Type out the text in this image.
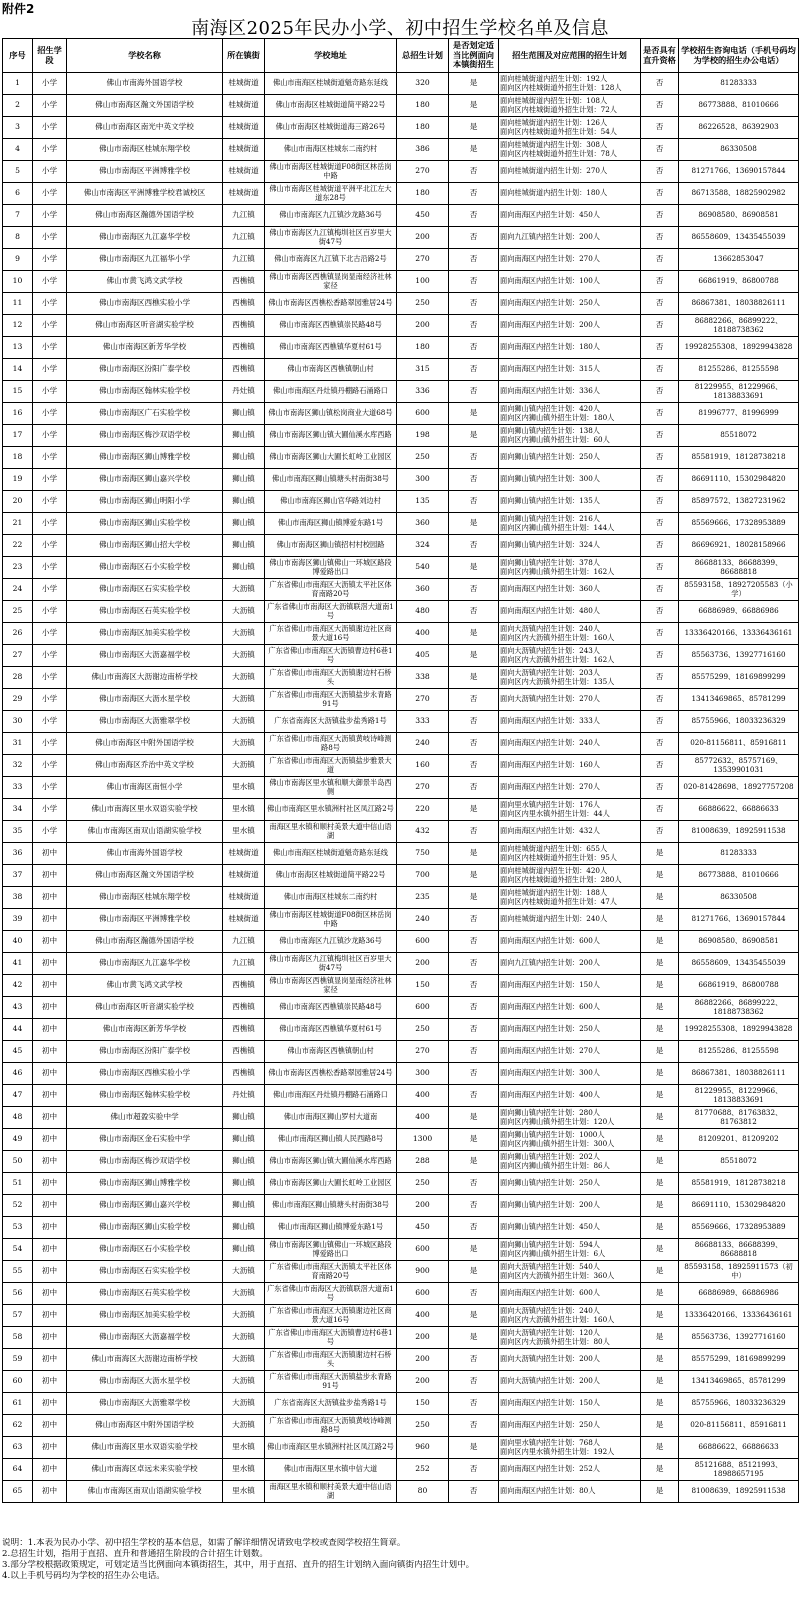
附件2
南海区2025年民办小学、初中招生学校名单及信息
序号	招生学段	学校名称	所在镇街	学校地址	总招生计划	是否划定适当比例面向本镇街招生	招生范围及对应范围的招生计划	是否具有直升资格	学校招生咨询电话（手机号码均为学校的招生办公电话）
1	小学	佛山市南海外国语学校	桂城街道	佛山市南海区桂城街道魁奇路东延线	320	是	面向桂城街道内招生计划：192人
面向区内桂城街道外招生计划：128人	否	81283333
2	小学	佛山市南海区瀚文外国语学校	桂城街道	佛山市南海区桂城街道简平路22号	180	是	面向桂城街道内招生计划：108人
面向区内桂城街道外招生计划：72人	否	86773888、81010666
3	小学	佛山市南海区南光中英文学校	桂城街道	佛山市南海区桂城街道海三路26号	180	是	面向桂城街道内招生计划：126人
面向区内桂城街道外招生计划：54人	否	86226528、86392903
4	小学	佛山市南海区桂城东翔学校	桂城街道	佛山市南海区桂城东二南约村	386	是	面向桂城街道内招生计划：308人
面向区内桂城街道外招生计划：78人	否	86330508
5	小学	佛山市南海区平洲博雅学校	桂城街道	佛山市南海区桂城街道F08街区林岳岗中路	270	否	面向桂城街道内招生计划：270人	否	81271766、13690157844
6	小学	佛山市南海区平洲博雅学校君诚校区	桂城街道	佛山市南海区桂城街道平洲平北江左大道东28号	180	否	面向桂城街道内招生计划：180人	否	86713588、18825902982
7	小学	佛山市南海区瀚德外国语学校	九江镇	佛山市南海区九江镇沙龙路36号	450	否	面向南海区内招生计划：450人	否	86908580、86908581
8	小学	佛山市南海区九江嘉华学校	九江镇	佛山市南海区九江镇梅圳社区百岁里大街47号	200	否	面向九江镇内招生计划：200人	否	86558609、13435455039
9	小学	佛山市南海区九江福华小学	九江镇	佛山市南海区九江镇下北古沿路2号	270	否	面向南海区内招生计划：270人	否	13662853047
10	小学	佛山市黄飞鸿文武学校	西樵镇	佛山市南海区西樵镇显岗显南经济社林家径	100	否	面向南海区内招生计划：100人	否	66861919、86800788
11	小学	佛山市南海区西樵实验小学	西樵镇	佛山市南海区西樵松香路翠园雅居24号	250	否	面向南海区内招生计划：250人	否	86867381、18038826111
12	小学	佛山市南海区听音湖实验学校	西樵镇	佛山市南海区西樵镇崇民路48号	200	否	面向南海区内招生计划：200人	否	86882266、86899222、18188738362
13	小学	佛山市南海区新芳华学校	西樵镇	佛山市南海区西樵镇华夏村61号	180	否	面向南海区内招生计划：180人	否	19928255308、18929943828
14	小学	佛山市南海区汾阳广泰学校	西樵镇	佛山市南海区西樵镇朝山村	315	否	面向南海区内招生计划：315人	否	81255286、81255598
15	小学	佛山市南海区翰林实验学校	丹灶镇	佛山市南海区丹灶镇丹棚路石涌路口	336	否	面向南海区内招生计划：336人	否	81229955、81229966、18138833691
16	小学	佛山市南海区广石实验学校	狮山镇	佛山市南海区狮山镇松岗商业大道68号	600	是	面向狮山镇内招生计划：420人
面向区内狮山镇外招生计划：180人	否	81996777、81996999
17	小学	佛山市南海区梅沙双语学校	狮山镇	佛山市南海区狮山镇大圃仙溪水库西路	198	是	面向狮山镇内招生计划：138人
面向区内狮山镇外招生计划：60人	否	85518072
18	小学	佛山市南海区狮山博雅学校	狮山镇	佛山市南海区狮山大圃长虹岭工业园区	250	否	面向狮山镇内招生计划：250人	否	85581919、18128738218
19	小学	佛山市南海区狮山嘉兴学校	狮山镇	佛山市南海区狮山镇塘头村南街38号	300	否	面向狮山镇内招生计划：300人	否	86691110、15302984820
20	小学	佛山市南海区狮山明阳小学	狮山镇	佛山市南海区狮山官华路刘边村	135	否	面向狮山镇内招生计划：135人	否	85897572、13827231962
21	小学	佛山市南海区狮山实验学校	狮山镇	佛山市南海区狮山镇博爱东路1号	360	是	面向狮山镇内招生计划：216人
面向区内狮山镇外招生计划：144人	否	85569666、17328953889
22	小学	佛山市南海区狮山招大学校	狮山镇	佛山市南海区狮山镇招村村校园路	324	否	面向狮山镇内招生计划：324人	否	86696921、18028158966
23	小学	佛山市南海区石小实验学校	狮山镇	佛山市南海区狮山镇佛山一环城区路段博爱路出口	540	是	面向狮山镇内招生计划：378人
面向区内狮山镇外招生计划：162人	否	86688133、86688399、86688818
24	小学	佛山市南海区石实实验学校	大沥镇	广东省佛山市南海区大沥镇太平社区体育南路20号	360	否	面向南海区内招生计划：360人	否	85593158、18927205583（小学）
25	小学	佛山市南海区石英实验学校	大沥镇	广东省佛山市南海区大沥镇联滘大道南1号	480	否	面向南海区内招生计划：480人	否	66886989、66886986
26	小学	佛山市南海区加美实验学校	大沥镇	广东省佛山市南海区大沥镇谢边社区商景大道16号	400	是	面向大沥镇内招生计划：240人
面向区内大沥镇外招生计划：160人	否	13336420166、13336436161
27	小学	佛山市南海区大沥嘉福学校	大沥镇	广东省佛山市南海区大沥镇曹边村6巷1号	405	是	面向大沥镇内招生计划：243人
面向区内大沥镇外招生计划：162人	否	85563736、13927716160
28	小学	佛山市南海区大沥谢边南桥学校	大沥镇	广东省佛山市南海区大沥镇谢边村石桥头	338	是	面向大沥镇内招生计划：203人
面向区内大沥镇外招生计划：135人	否	85575299、18169899299
29	小学	佛山市南海区大沥水星学校	大沥镇	广东省佛山市南海区大沥镇盐步永青路91号	270	否	面向大沥镇内招生计划：270人	否	13413469865、85781299
30	小学	佛山市南海区大沥雅翠学校	大沥镇	广东省南海区大沥镇盐步盐秀路1号	333	否	面向南海区内招生计划：333人	否	85755966、18033236329
31	小学	佛山市南海区中附外国语学校	大沥镇	广东省佛山市南海区大沥镇黄岐诗峰测路8号	240	否	面向南海区内招生计划：240人	否	020-81156811、85916811
32	小学	佛山市南海区乔治中英文学校	大沥镇	广东省佛山市南海区大沥镇盐步雅景大道	160	否	面向南海区内招生计划：160人	否	85772632、85757169、13539901031
33	小学	佛山市南海区南恒小学	里水镇	佛山市南海区里水镇和顺大御景半岛西侧	270	否	面向南海区内招生计划：270人	否	020-81428698、18927757208
34	小学	佛山市南海区里水双语实验学校	里水镇	佛山市南海区里水镇洲村社区凤江路2号	220	是	面向里水镇内招生计划：176人
面向区内里水镇外招生计划：44人	否	66886622、66886633
35	小学	佛山市南海区南双山语湖实验学校	里水镇	南海区里水镇和顺村美景大道中信山语湖	432	否	面向南海区内招生计划：432人	否	81008639、18925911538
36	初中	佛山市南海外国语学校	桂城街道	佛山市南海区桂城街道魁奇路东延线	750	是	面向桂城街道内招生计划：655人
面向区内桂城街道外招生计划：95人	是	81283333
37	初中	佛山市南海区瀚文外国语学校	桂城街道	佛山市南海区桂城街道简平路22号	700	是	面向桂城街道内招生计划：420人
面向区内桂城街道外招生计划：280人	是	86773888、81010666
38	初中	佛山市南海区桂城东翔学校	桂城街道	佛山市南海区桂城东二南约村	235	是	面向桂城街道内招生计划：188人
面向区内桂城街道外招生计划：47人	是	86330508
39	初中	佛山市南海区平洲博雅学校	桂城街道	佛山市南海区桂城街道F08街区林岳岗中路	240	否	面向桂城街道内招生计划：240人	是	81271766、13690157844
40	初中	佛山市南海区瀚德外国语学校	九江镇	佛山市南海区九江镇沙龙路36号	600	否	面向南海区内招生计划：600人	是	86908580、86908581
41	初中	佛山市南海区九江嘉华学校	九江镇	佛山市南海区九江镇梅圳社区百岁里大街47号	200	否	面向九江镇内招生计划：200人	是	86558609、13435455039
42	初中	佛山市黄飞鸿文武学校	西樵镇	佛山市南海区西樵镇显岗显南经济社林家径	150	否	面向南海区内招生计划：150人	是	66861919、86800788
43	初中	佛山市南海区听音湖实验学校	西樵镇	佛山市南海区西樵镇崇民路48号	600	否	面向南海区内招生计划：600人	是	86882266、86899222、18188738362
44	初中	佛山市南海区新芳华学校	西樵镇	佛山市南海区西樵镇华夏村61号	250	否	面向南海区内招生计划：250人	是	19928255308、18929943828
45	初中	佛山市南海区汾阳广泰学校	西樵镇	佛山市南海区西樵镇朝山村	270	否	面向南海区内招生计划：270人	是	81255286、81255598
46	初中	佛山市南海区西樵实验小学	西樵镇	佛山市南海区西樵松香路翠园雅居24号	300	否	面向南海区内招生计划：300人	是	86867381、18038826111
47	初中	佛山市南海区翰林实验学校	丹灶镇	佛山市南海区丹灶镇丹棚路石涌路口	400	否	面向南海区内招生计划：400人	是	81229955、81229966、18138833691
48	初中	佛山市超盈实验中学	狮山镇	佛山市南海区狮山罗村大道南	400	是	面向狮山镇内招生计划：280人
面向区内狮山镇外招生计划：120人	是	81770688、81763832、81763812
49	初中	佛山市南海区金石实验中学	狮山镇	佛山市南海区狮山镇人民西路8号	1300	是	面向狮山镇内招生计划：1000人
面向区内狮山镇外招生计划：300人	是	81209201、81209202
50	初中	佛山市南海区梅沙双语学校	狮山镇	佛山市南海区狮山镇大圃仙溪水库西路	288	是	面向狮山镇内招生计划：202人
面向区内狮山镇外招生计划：86人	是	85518072
51	初中	佛山市南海区狮山博雅学校	狮山镇	佛山市南海区狮山大圃长虹岭工业园区	250	否	面向狮山镇内招生计划：250人	是	85581919、18128738218
52	初中	佛山市南海区狮山嘉兴学校	狮山镇	佛山市南海区狮山镇塘头村南街38号	200	否	面向狮山镇内招生计划：200人	是	86691110、15302984820
53	初中	佛山市南海区狮山实验学校	狮山镇	佛山市南海区狮山镇博爱东路1号	450	否	面向狮山镇内招生计划：450人	是	85569666、17328953889
54	初中	佛山市南海区石小实验学校	狮山镇	佛山市南海区狮山镇佛山一环城区路段博爱路出口	600	是	面向狮山镇内招生计划：594人
面向区内狮山镇外招生计划：6人	是	86688133、86688399、86688818
55	初中	佛山市南海区石实实验学校	大沥镇	广东省佛山市南海区大沥镇太平社区体育南路20号	900	是	面向大沥镇内招生计划：540人
面向区内大沥镇外招生计划：360人	是	85593158、18925911573（初中）
56	初中	佛山市南海区石英实验学校	大沥镇	广东省佛山市南海区大沥镇联滘大道南1号	600	否	面向南海区内招生计划：600人	是	66886989、66886986
57	初中	佛山市南海区加美实验学校	大沥镇	广东省佛山市南海区大沥镇谢边社区商景大道16号	400	是	面向大沥镇内招生计划：240人
面向区内大沥镇外招生计划：160人	是	13336420166、13336436161
58	初中	佛山市南海区大沥嘉福学校	大沥镇	广东省佛山市南海区大沥镇曹边村6巷1号	200	是	面向大沥镇内招生计划：120人
面向区内大沥镇外招生计划：80人	是	85563736、13927716160
59	初中	佛山市南海区大沥谢边南桥学校	大沥镇	广东省佛山市南海区大沥镇谢边村石桥头	200	否	面向大沥镇内招生计划：200人	是	85575299、18169899299
60	初中	佛山市南海区大沥水星学校	大沥镇	广东省佛山市南海区大沥镇盐步永青路91号	200	否	面向大沥镇内招生计划：200人	是	13413469865、85781299
61	初中	佛山市南海区大沥雅翠学校	大沥镇	广东省南海区大沥镇盐步盐秀路1号	150	否	面向南海区内招生计划：150人	是	85755966、18033236329
62	初中	佛山市南海区中附外国语学校	大沥镇	广东省佛山市南海区大沥镇黄岐诗峰测路8号	250	否	面向南海区内招生计划：250人	是	020-81156811、85916811
63	初中	佛山市南海区里水双语实验学校	里水镇	佛山市南海区里水镇洲村社区凤江路2号	960	是	面向里水镇内招生计划：768人
面向区内里水镇外招生计划：192人	是	66886622、66886633
64	初中	佛山市南海区卓远未来实验学校	里水镇	佛山市南海区里水镇中信大道	252	否	面向南海区内招生计划：252人	是	85121688、85121993、18988657195
65	初中	佛山市南海区南双山语湖实验学校	里水镇	南海区里水镇和顺村美景大道中信山语湖	80	否	面向南海区内招生计划：80人	是	81008639、18925911538
说明：1.本表为民办小学、初中招生学校的基本信息，如需了解详细情况请致电学校或查阅学校招生简章。
2.总招生计划，指用于直招、直升和普通招生阶段的合计招生计划数。
3.部分学校根据政策规定，可划定适当比例面向本镇街招生，其中，用于直招、直升的招生计划纳入面向镇街内招生计划中。
4.以上手机号码均为学校的招生办公电话。
